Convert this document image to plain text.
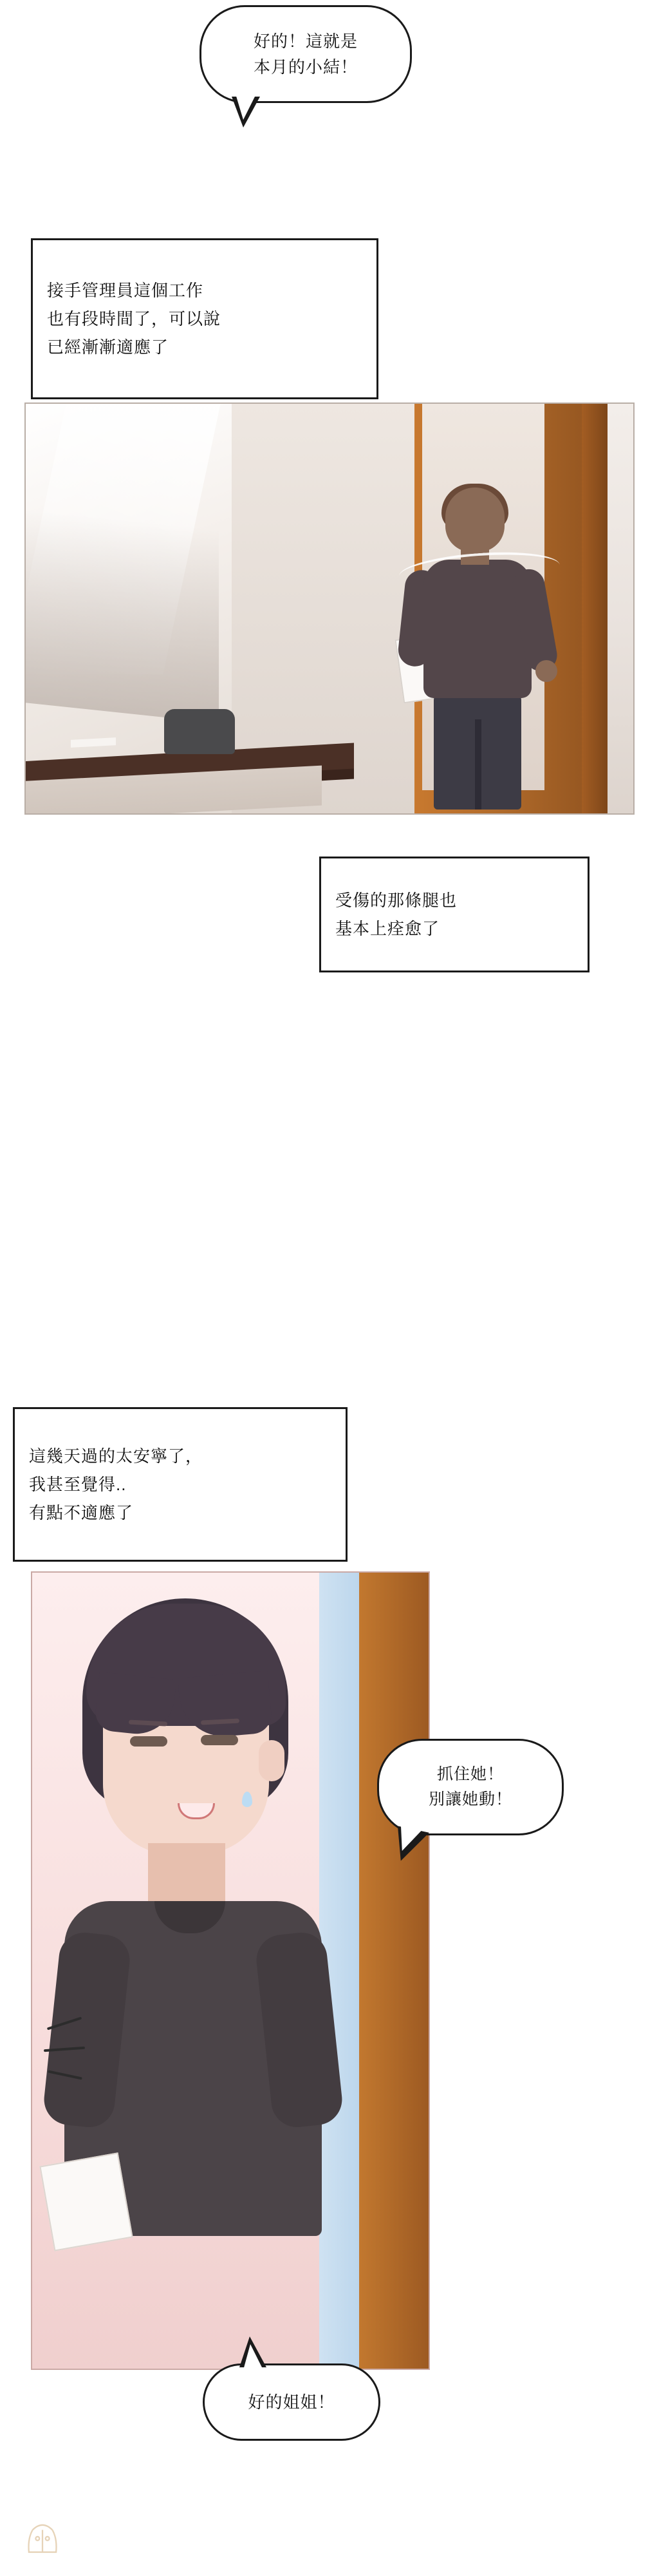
好的！這就是
本月的小結！
接手管理員這個工作
也有段時間了，可以說
已經漸漸適應了
受傷的那條腿也
基本上痊愈了
這幾天過的太安寧了，
我甚至覺得..
有點不適應了
抓住她！
別讓她動！
好的姐姐！
